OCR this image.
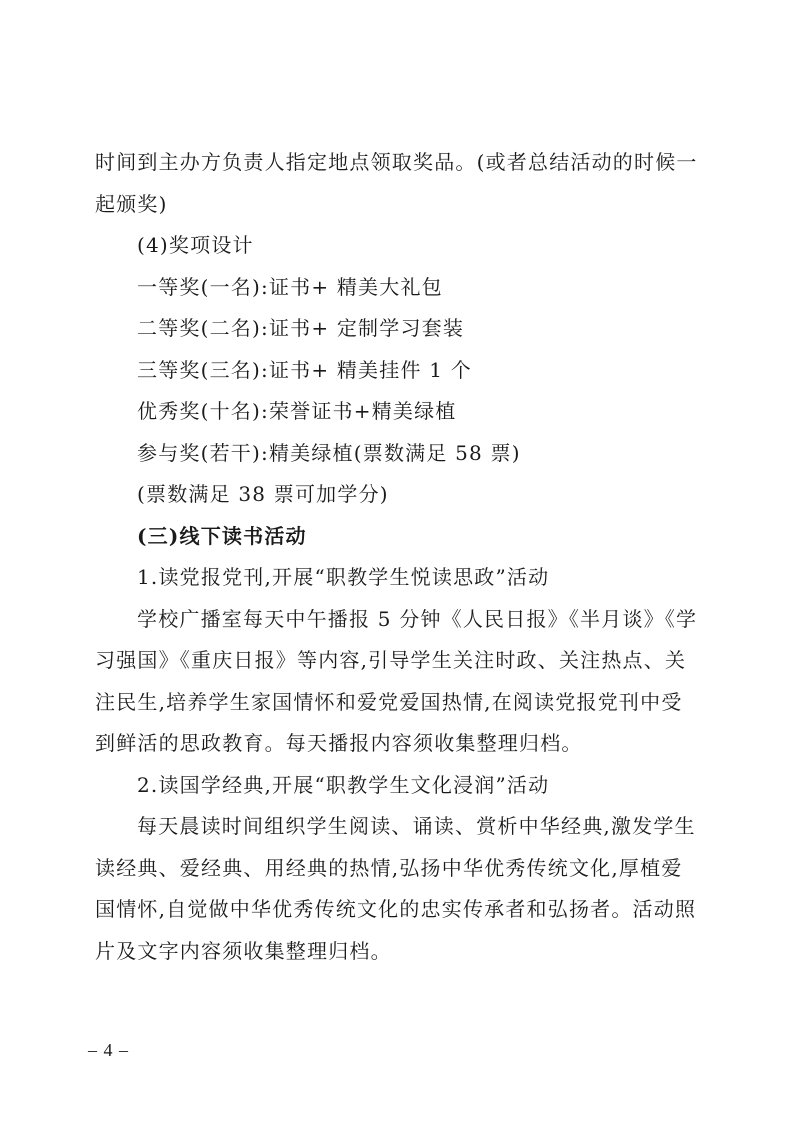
时间到主办方负责人指定地点领取奖品。(或者总结活动的时候一起颁奖)

(4)奖项设计

一等奖(一名):证书+ 精美大礼包

二等奖(二名):证书+ 定制学习套装

三等奖(三名):证书+ 精美挂件 1 个

优秀奖(十名):荣誉证书+精美绿植

参与奖(若干):精美绿植(票数满足 58 票)

(票数满足 38 票可加学分)

(三)线下读书活动

1.读党报党刊,开展“职教学生悦读思政”活动

学校广播室每天中午播报 5 分钟《人民日报》《半月谈》《学习强国》《重庆日报》等内容,引导学生关注时政、关注热点、关注民生,培养学生家国情怀和爱党爱国热情,在阅读党报党刊中受到鲜活的思政教育。每天播报内容须收集整理归档。

2.读国学经典,开展“职教学生文化浸润”活动

每天晨读时间组织学生阅读、诵读、赏析中华经典,激发学生读经典、爱经典、用经典的热情,弘扬中华优秀传统文化,厚植爱国情怀,自觉做中华优秀传统文化的忠实传承者和弘扬者。活动照片及文字内容须收集整理归档。

– 4 –
